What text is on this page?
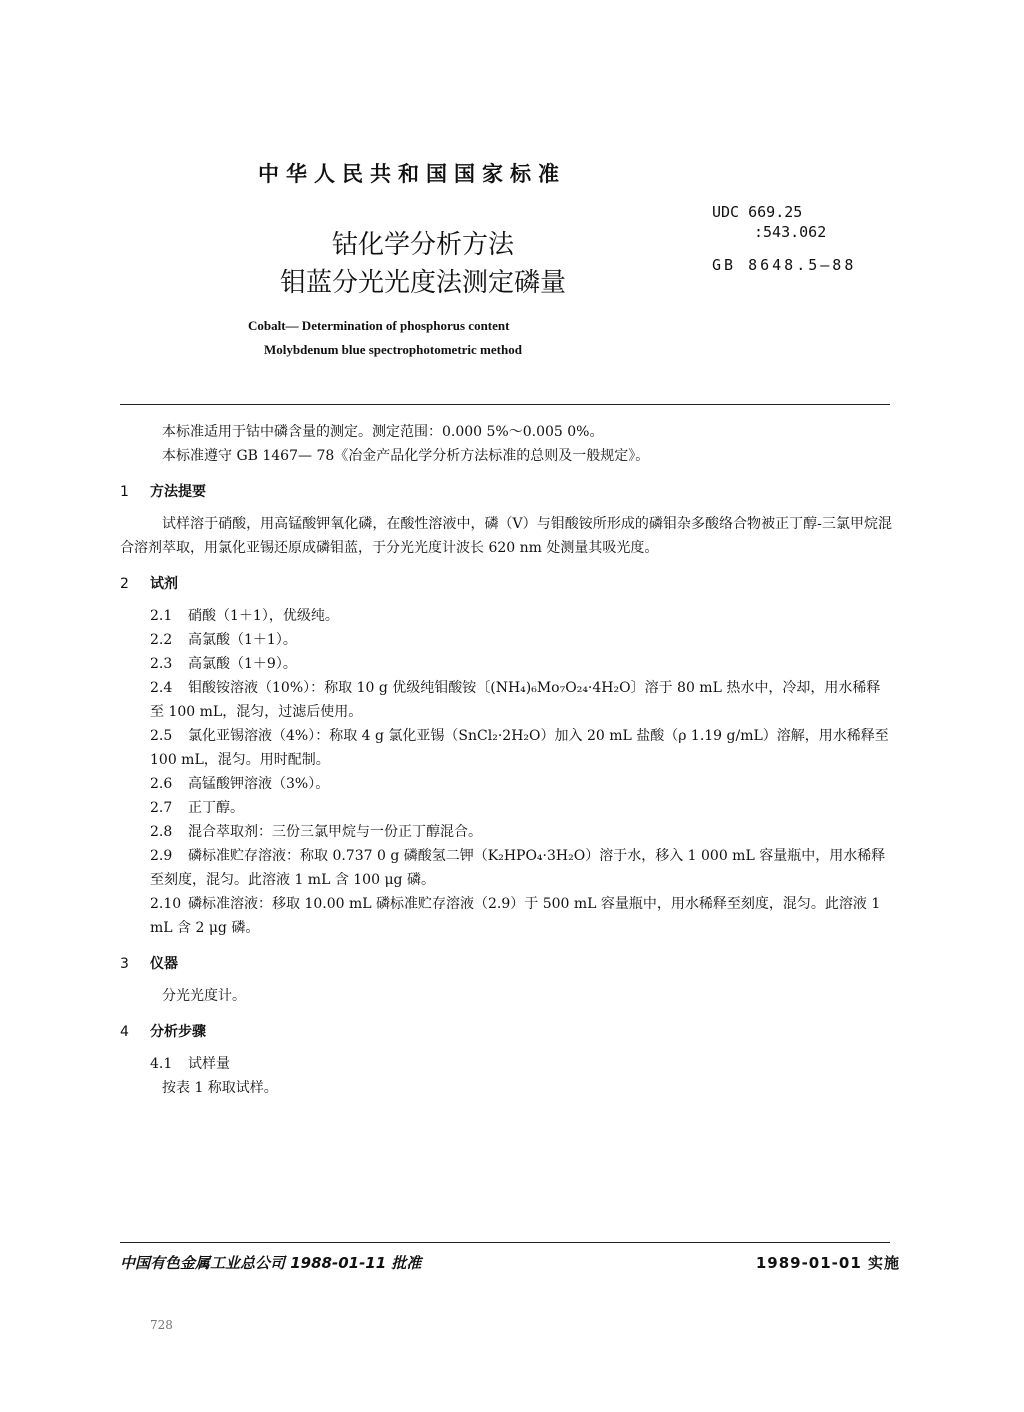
中华人民共和国国家标准
UDC 669.25
:543.062
GB 8648.5—88
钴化学分析方法
钼蓝分光光度法测定磷量
Cobalt— Determination of phosphorus content
Molybdenum blue spectrophotometric method

本标准适用于钴中磷含量的测定。测定范围：0.000 5%～0.005 0%。

本标准遵守 GB 1467— 78《冶金产品化学分析方法标准的总则及一般规定》。

1 方法提要

试样溶于硝酸，用高锰酸钾氧化磷，在酸性溶液中，磷（Ⅴ）与钼酸铵所形成的磷钼杂多酸络合物被正丁醇-三氯甲烷混合溶剂萃取，用氯化亚锡还原成磷钼蓝，于分光光度计波长 620 nm 处测量其吸光度。

2 试剂

2.1 硝酸（1＋1），优级纯。

2.2 高氯酸（1＋1）。

2.3 高氯酸（1＋9）。

2.4 钼酸铵溶液（10%）：称取 10 g 优级纯钼酸铵〔(NH₄)₆Mo₇O₂₄·4H₂O〕溶于 80 mL 热水中，冷却，用水稀释至 100 mL，混匀，过滤后使用。

2.5 氯化亚锡溶液（4%）：称取 4 g 氯化亚锡（SnCl₂·2H₂O）加入 20 mL 盐酸（ρ 1.19 g/mL）溶解，用水稀释至 100 mL，混匀。用时配制。

2.6 高锰酸钾溶液（3%）。

2.7 正丁醇。

2.8 混合萃取剂：三份三氯甲烷与一份正丁醇混合。

2.9 磷标准贮存溶液：称取 0.737 0 g 磷酸氢二钾（K₂HPO₄·3H₂O）溶于水，移入 1 000 mL 容量瓶中，用水稀释至刻度，混匀。此溶液 1 mL 含 100 μg 磷。

2.10 磷标准溶液：移取 10.00 mL 磷标准贮存溶液（2.9）于 500 mL 容量瓶中，用水稀释至刻度，混匀。此溶液 1 mL 含 2 μg 磷。

3 仪器

分光光度计。

4 分析步骤

4.1 试样量

按表 1 称取试样。

中国有色金属工业总公司 1988-01-11 批准	1989-01-01 实施
728
